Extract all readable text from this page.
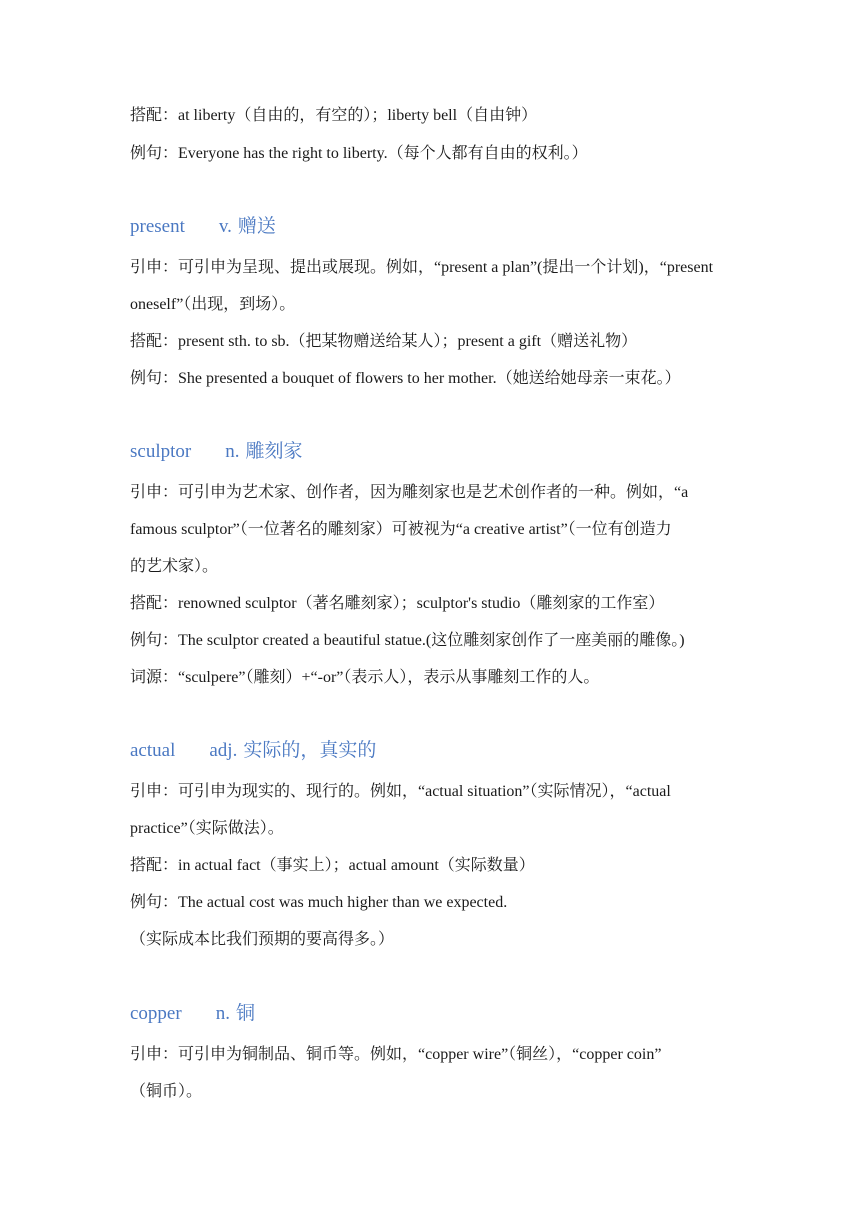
搭配：at liberty（自由的，有空的）；liberty bell（自由钟）
例句：Everyone has the right to liberty.（每个人都有自由的权利。）
present v. 赠送
引申：可引申为呈现、提出或展现。例如，“present a plan”(提出一个计划)，“present
oneself”（出现，到场）。
搭配：present sth. to sb.（把某物赠送给某人）；present a gift（赠送礼物）
例句：She presented a bouquet of flowers to her mother.（她送给她母亲一束花。）
sculptor n. 雕刻家
引申：可引申为艺术家、创作者，因为雕刻家也是艺术创作者的一种。例如，“a
famous sculptor”（一位著名的雕刻家）可被视为“a creative artist”（一位有创造力
的艺术家）。
搭配：renowned sculptor（著名雕刻家）；sculptor's studio（雕刻家的工作室）
例句：The sculptor created a beautiful statue.(这位雕刻家创作了一座美丽的雕像。)
词源：“sculpere”（雕刻）+“-or”（表示人），表示从事雕刻工作的人。
actual adj. 实际的，真实的
引申：可引申为现实的、现行的。例如，“actual situation”（实际情况），“actual
practice”（实际做法）。
搭配：in actual fact（事实上）；actual amount（实际数量）
例句：The actual cost was much higher than we expected.
（实际成本比我们预期的要高得多。）
copper n. 铜
引申：可引申为铜制品、铜币等。例如，“copper wire”（铜丝），“copper coin”
（铜币）。
